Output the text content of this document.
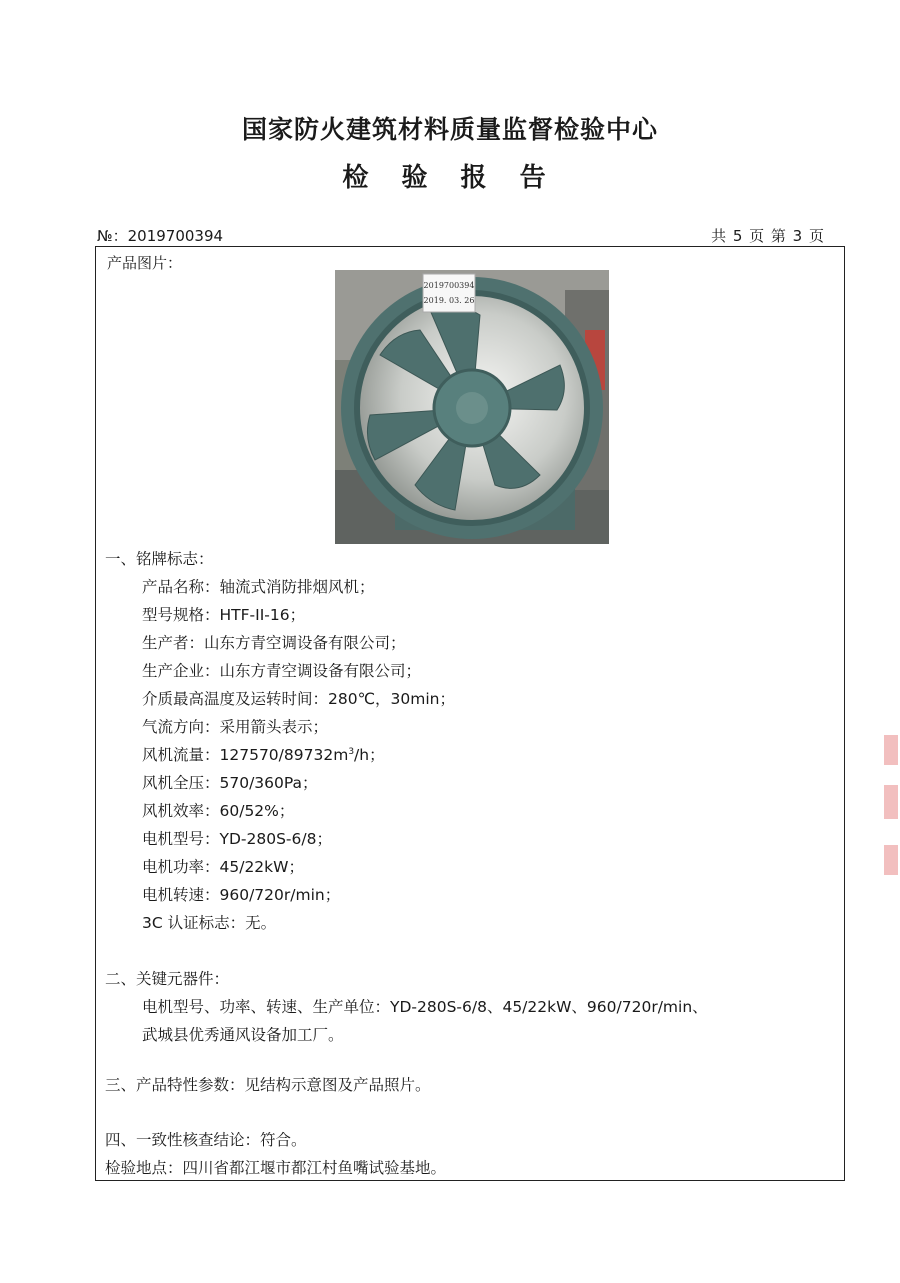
国家防火建筑材料质量监督检验中心
检 验 报 告
№：2019700394	共 5 页 第 3 页
产品图片：
2019700394
2019. 03. 26
一、铭牌标志：
产品名称：轴流式消防排烟风机；
型号规格：HTF-II-16；
生产者：山东方青空调设备有限公司；
生产企业：山东方青空调设备有限公司；
介质最高温度及运转时间：280℃，30min；
气流方向：采用箭头表示；
风机流量：$127570/89732m^3/h$；
风机全压：570/360Pa；
风机效率：60/52%；
电机型号：YD-280S-6/8；
电机功率：45/22kW；
电机转速：960/720r/min；
3C 认证标志：无。
二、关键元器件：
电机型号、功率、转速、生产单位：YD-280S-6/8、45/22kW、960/720r/min、
武城县优秀通风设备加工厂。
三、产品特性参数：见结构示意图及产品照片。
四、一致性核查结论：符合。
检验地点：四川省都江堰市都江村鱼嘴试验基地。
